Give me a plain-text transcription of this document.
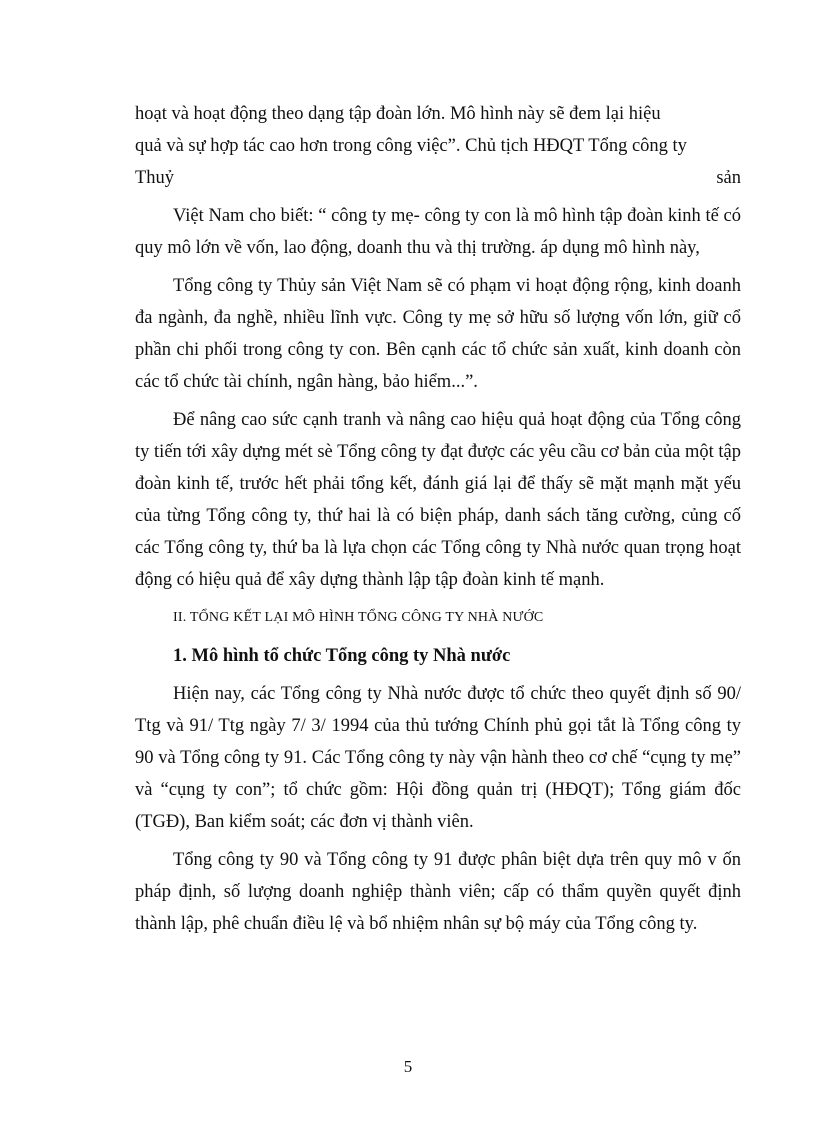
hoạt và hoạt động theo dạng tập đoàn lớn. Mô hình này sẽ đem lại hiệu

quả và sự hợp tác cao hơn trong công việc”. Chủ tịch HĐQT Tổng công ty

Thuỷ	sản

Việt Nam cho biết: “ công ty mẹ- công ty con là mô hình tập đoàn kinh tế có quy mô lớn về vốn, lao động, doanh thu và thị trường. áp dụng mô hình này,

Tổng công ty Thủy sản Việt Nam sẽ có phạm vi hoạt động rộng, kinh doanh đa ngành, đa nghề, nhiều lĩnh vực. Công ty mẹ sở hữu số lượng vốn lớn, giữ cổ phần chi phối trong công ty con. Bên cạnh các tổ chức sản xuất, kinh doanh còn các tổ chức tài chính, ngân hàng, bảo hiểm...”.

Để nâng cao sức cạnh tranh và nâng cao hiệu quả hoạt động của Tổng công ty tiến tới xây dựng mét sè Tổng công ty đạt được các yêu cầu cơ bản của một tập đoàn kinh tế, trước hết phải tổng kết, đánh giá lại để thấy sẽ mặt mạnh mặt yếu của từng Tổng công ty, thứ hai là có biện pháp, danh sách tăng cường, củng cố các Tổng công ty, thứ ba là lựa chọn các Tổng công ty Nhà nước quan trọng hoạt động có hiệu quả để xây dựng thành lập tập đoàn kinh tế mạnh.

II. TỔNG KẾT LẠI MÔ HÌNH TỔNG CÔNG TY NHÀ NƯỚC

1. Mô hình tổ chức Tổng công ty Nhà nước

Hiện nay, các Tổng công ty Nhà nước được tổ chức theo quyết định số 90/ Ttg và 91/ Ttg ngày 7/ 3/ 1994 của thủ tướng Chính phủ gọi tắt là Tổng công ty 90 và Tổng công ty 91. Các Tổng công ty này vận hành theo cơ chế “cụng ty mẹ” và “cụng ty con”; tổ chức gồm: Hội đồng quản trị (HĐQT); Tổng giám đốc (TGĐ), Ban kiểm soát; các đơn vị thành viên.

Tổng công ty 90 và Tổng công ty 91 được phân biệt dựa trên quy mô v ốn pháp định, số lượng doanh nghiệp thành viên; cấp có thẩm quyền quyết định thành lập, phê chuẩn điều lệ và bổ nhiệm nhân sự bộ máy của Tổng công ty.

5
